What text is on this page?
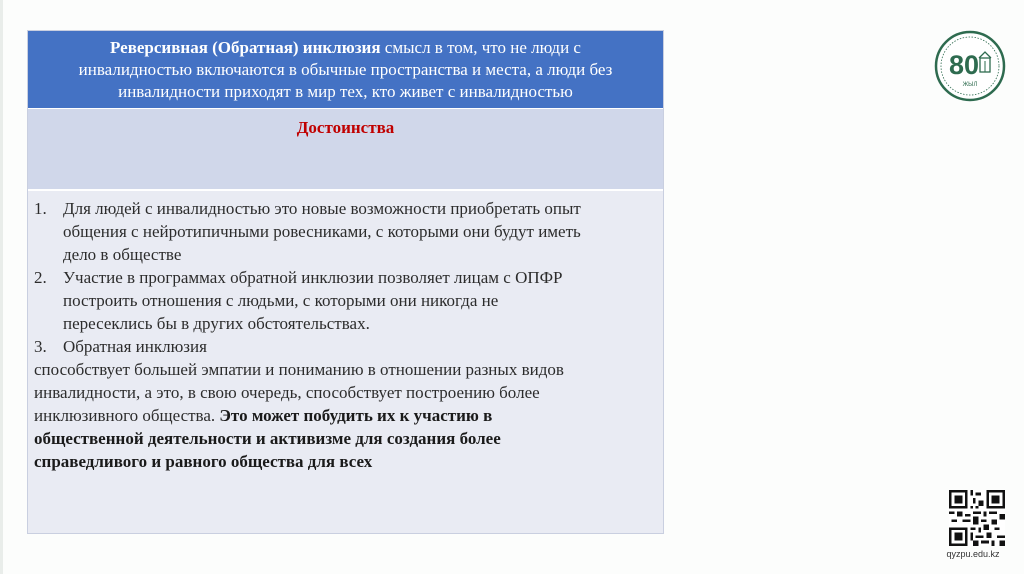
Реверсивная (Обратная) инклюзия смысл в том, что не люди с
инвалидностью включаются в обычные пространства и места, а люди без
инвалидности приходят в мир тех, кто живет с инвалидностью
Достоинства
1. Для людей с инвалидностью это новые возможности приобретать опыт
общения с нейротипичными ровесниками, с которыми они будут иметь
дело в обществе
2. Участие в программах обратной инклюзии позволяет лицам с ОПФР
построить отношения с людьми, с которыми они никогда не
пересеклись бы в других обстоятельствах.
3. Обратная инклюзия
способствует большей эмпатии и пониманию в отношении разных видов
инвалидности, а это, в свою очередь, способствует построению более
инклюзивного общества. Это может побудить их к участию в
общественной деятельности и активизме для создания более
справедливого и равного общества для всех
80
ЖЫЛ
qyzpu.edu.kz
